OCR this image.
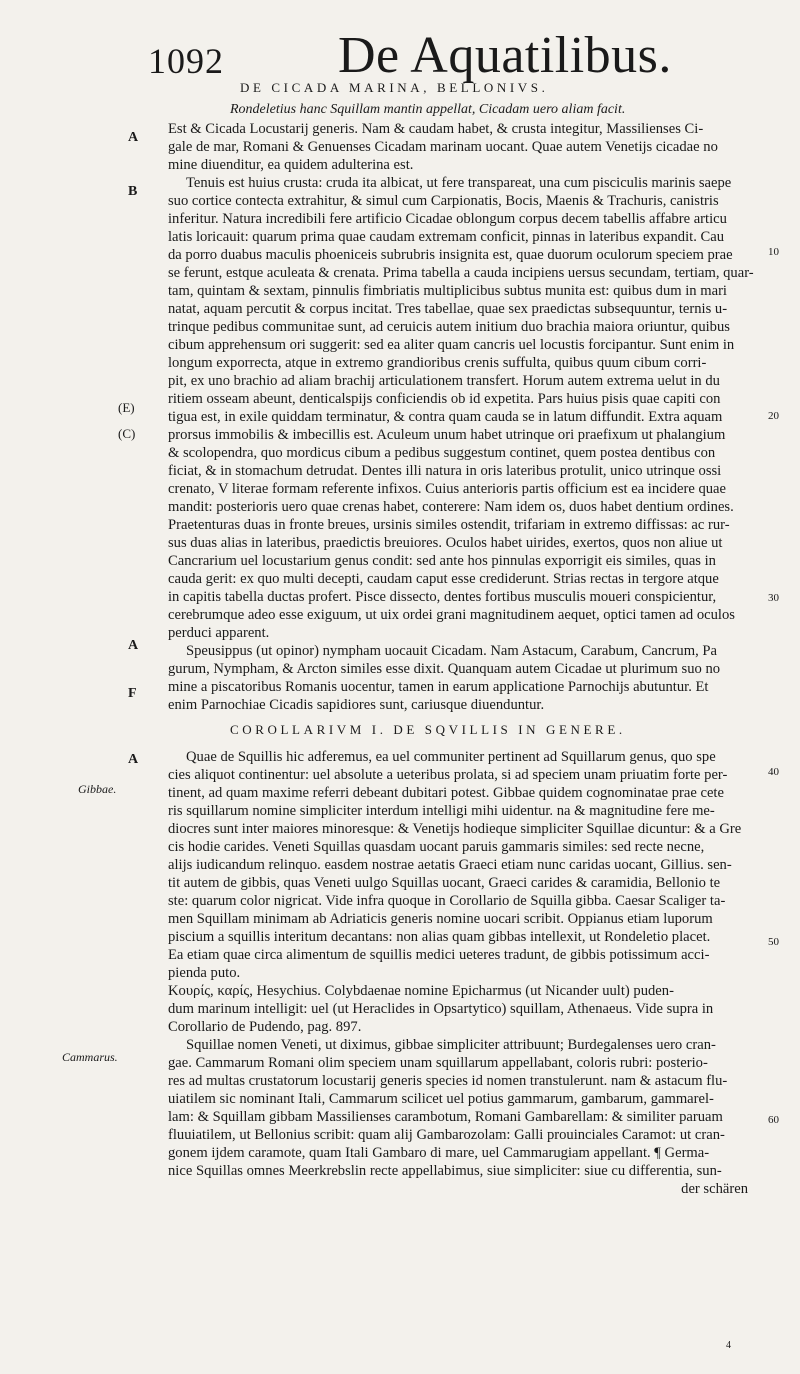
1092 De Aquatilibus.
DE CICADA MARINA, BELLONIVS.
Rondeletius hanc Squillam mantin appellat, Cicadam uero aliam facit.
Est & Cicada Locustarij generis. Nam & caudam habet, & crusta integitur, Massilienses Ci-
gale de mar, Romani & Genuenses Cicadam marinam uocant. Quae autem Venetijs cicadae no
mine diuenditur, ea quidem adulterina est.
Tenuis est huius crusta: cruda ita albicat, ut fere transpareat, una cum pisciculis marinis saepe
suo cortice contecta extrahitur, & simul cum Carpionatis, Bocis, Maenis & Trachuris, canistris
inferitur. Natura incredibili fere artificio Cicadae oblongum corpus decem tabellis affabre articu
latis loricauit: quarum prima quae caudam extremam conficit, pinnas in lateribus expandit. Cau
da porro duabus maculis phoeniceis subrubris insignita est, quae duorum oculorum speciem prae
se ferunt, estque aculeata & crenata. Prima tabella a cauda incipiens uersus secundam, tertiam, quar-
tam, quintam & sextam, pinnulis fimbriatis multiplicibus subtus munita est: quibus dum in mari
natat, aquam percutit & corpus incitat. Tres tabellae, quae sex praedictas subsequuntur, ternis u-
trinque pedibus communitae sunt, ad ceruicis autem initium duo brachia maiora oriuntur, quibus
cibum apprehensum ori suggerit: sed ea aliter quam cancris uel locustis forcipantur. Sunt enim in
longum exporrecta, atque in extremo grandioribus crenis suffulta, quibus quum cibum corri-
pit, ex uno brachio ad aliam brachij articulationem transfert. Horum autem extrema uelut in du
ritiem osseam abeunt, denticalspijs conficiendis ob id expetita. Pars huius pisis quae capiti con
tigua est, in exile quiddam terminatur, & contra quam cauda se in latum diffundit. Extra aquam
prorsus immobilis & imbecillis est. Aculeum unum habet utrinque ori praefixum ut phalangium
& scolopendra, quo mordicus cibum a pedibus suggestum continet, quem postea dentibus con
ficiat, & in stomachum detrudat. Dentes illi natura in oris lateribus protulit, unico utrinque ossi
crenato, V literae formam referente infixos. Cuius anterioris partis officium est ea incidere quae
mandit: posterioris uero quae crenas habet, conterere: Nam idem os, duos habet dentium ordines.
Praetenturas duas in fronte breues, ursinis similes ostendit, trifariam in extremo diffissas: ac rur-
sus duas alias in lateribus, praedictis breuiores. Oculos habet uirides, exertos, quos non aliue ut
Cancrarium uel locustarium genus condit: sed ante hos pinnulas exporrigit eis similes, quas in
cauda gerit: ex quo multi decepti, caudam caput esse crediderunt. Strias rectas in tergore atque
in capitis tabella ductas profert. Pisce dissecto, dentes fortibus musculis moueri conspicientur,
cerebrumque adeo esse exiguum, ut uix ordei grani magnitudinem aequet, optici tamen ad oculos
perduci apparent.
Speusippus (ut opinor) nympham uocauit Cicadam. Nam Astacum, Carabum, Cancrum, Pa
gurum, Nympham, & Arcton similes esse dixit. Quanquam autem Cicadae ut plurimum suo no
mine a piscatoribus Romanis uocentur, tamen in earum applicatione Parnochijs abutuntur. Et
enim Parnochiae Cicadis sapidiores sunt, cariusque diuenduntur.
COROLLARIVM I. DE SQVILLIS IN GENERE.
Quae de Squillis hic adferemus, ea uel communiter pertinent ad Squillarum genus, quo spe
cies aliquot continentur: uel absolute a ueteribus prolata, si ad speciem unam priuatim forte per-
tinent, ad quam maxime referri debeant dubitari potest. Gibbae quidem cognominatae prae cete
ris squillarum nomine simpliciter interdum intelligi mihi uidentur. na & magnitudine fere me-
diocres sunt inter maiores minoresque: & Venetijs hodieque simpliciter Squillae dicuntur: & a Gre
cis hodie carides. Veneti Squillas quasdam uocant paruis gammaris similes: sed recte necne,
alijs iudicandum relinquo. easdem nostrae aetatis Graeci etiam nunc caridas uocant, Gillius. sen-
tit autem de gibbis, quas Veneti uulgo Squillas uocant, Graeci carides & caramidia, Bellonio te
ste: quarum color nigricat. Vide infra quoque in Corollario de Squilla gibba. Caesar Scaliger ta-
men Squillam minimam ab Adriaticis generis nomine uocari scribit. Oppianus etiam luporum
piscium a squillis interitum decantans: non alias quam gibbas intellexit, ut Rondeletio placet.
Ea etiam quae circa alimentum de squillis medici ueteres tradunt, de gibbis potissimum acci-
pienda puto.
Κουρίς, καρίς, Hesychius. Colybdaenae nomine Epicharmus (ut Nicander uult) puden-
dum marinum intelligit: uel (ut Heraclides in Opsartytico) squillam, Athenaeus. Vide supra in
Corollario de Pudendo, pag. 897.
Squillae nomen Veneti, ut diximus, gibbae simpliciter attribuunt; Burdegalenses uero cran-
gae. Cammarum Romani olim speciem unam squillarum appellabant, coloris rubri: posterio-
res ad multas crustatorum locustarij generis species id nomen transtulerunt. nam & astacum flu-
uiatilem sic nominant Itali, Cammarum scilicet uel potius gammarum, gambarum, gammarel-
lam: & Squillam gibbam Massilienses carambotum, Romani Gambarellam: & similiter paruam
fluuiatilem, ut Bellonius scribit: quam alij Gambarozolam: Galli prouinciales Caramot: ut cran-
gonem ijdem caramote, quam Itali Gambaro di mare, uel Cammarugiam appellant. ¶ Germa-
nice Squillas omnes Meerkrebslin recte appellabimus, siue simpliciter: siue cu differentia, sun-
der schären
A
B
(E)
(C)
A
F
A
Gibbae.
Cammarus.
10
20
30
40
50
60
4
